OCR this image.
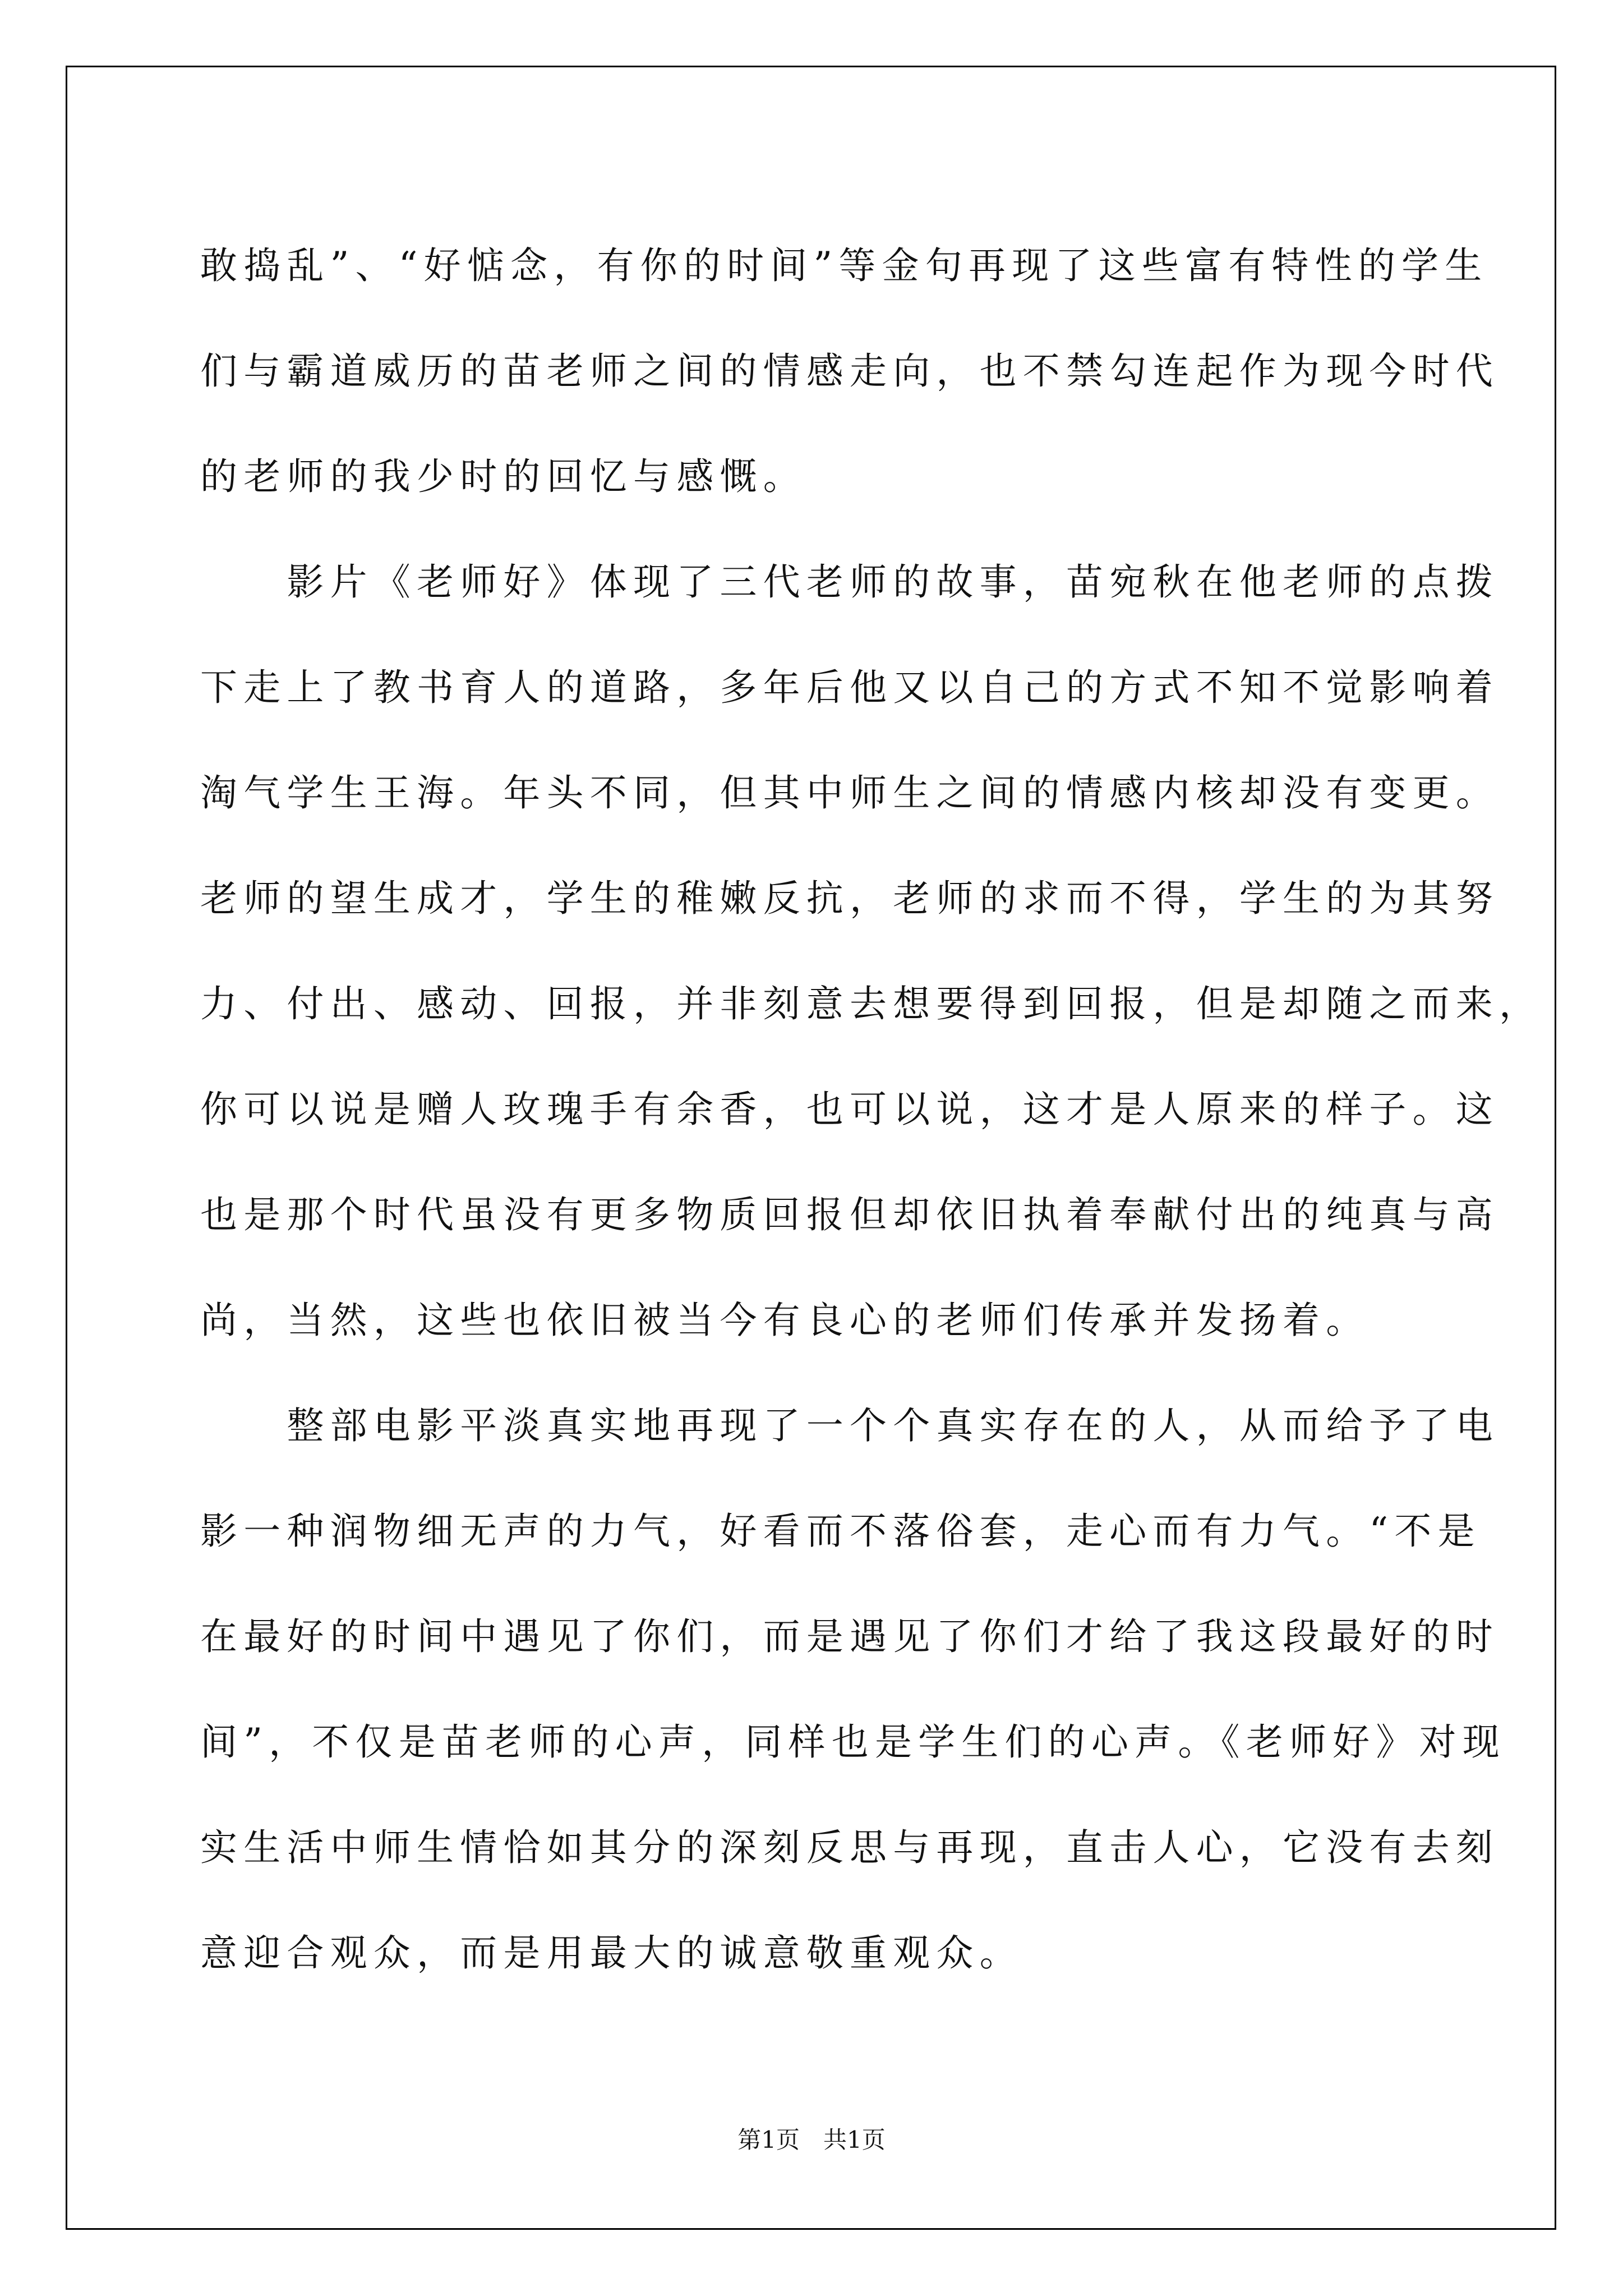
敢捣乱”、“好惦念，有你的时间”等金句再现了这些富有特性的学生
们与霸道威历的苗老师之间的情感走向，也不禁勾连起作为现今时代
的老师的我少时的回忆与感慨。
　　影片《老师好》体现了三代老师的故事，苗宛秋在他老师的点拨
下走上了教书育人的道路，多年后他又以自己的方式不知不觉影响着
淘气学生王海。年头不同，但其中师生之间的情感内核却没有变更。
老师的望生成才，学生的稚嫩反抗，老师的求而不得，学生的为其努
力、付出、感动、回报，并非刻意去想要得到回报，但是却随之而来，
你可以说是赠人玫瑰手有余香，也可以说，这才是人原来的样子。这
也是那个时代虽没有更多物质回报但却依旧执着奉献付出的纯真与高
尚，当然，这些也依旧被当今有良心的老师们传承并发扬着。
　　整部电影平淡真实地再现了一个个真实存在的人，从而给予了电
影一种润物细无声的力气，好看而不落俗套，走心而有力气。“不是
在最好的时间中遇见了你们，而是遇见了你们才给了我这段最好的时
间”，不仅是苗老师的心声，同样也是学生们的心声。《老师好》对现
实生活中师生情恰如其分的深刻反思与再现，直击人心，它没有去刻
意迎合观众，而是用最大的诚意敬重观众。
第1页　共1页
